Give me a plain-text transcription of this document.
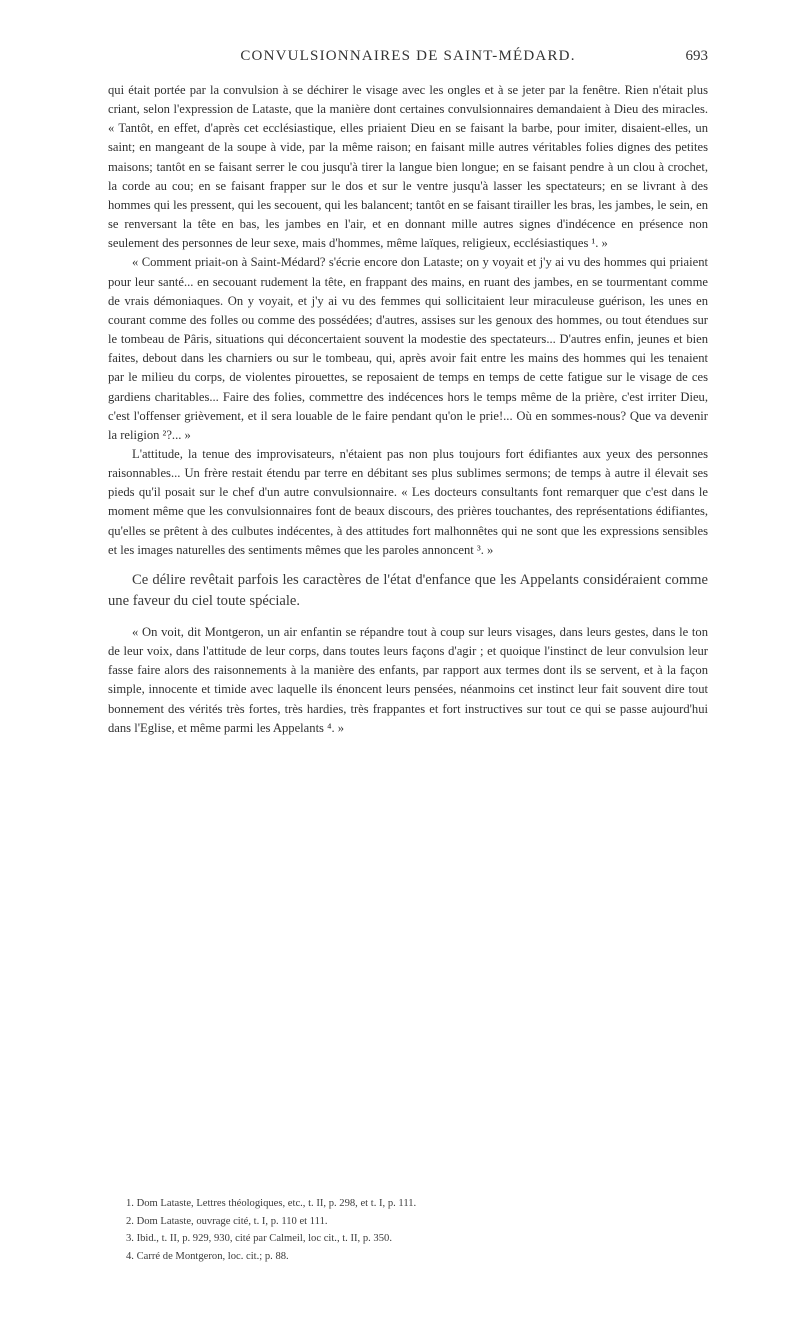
CONVULSIONNAIRES DE SAINT-MÉDARD.	693

qui était portée par la convulsion à se déchirer le visage avec les ongles et à se jeter par la fenêtre. Rien n'était plus criant, selon l'expression de Lataste, que la manière dont certaines convulsionnaires demandaient à Dieu des miracles. « Tantôt, en effet, d'après cet ecclésiastique, elles priaient Dieu en se faisant la barbe, pour imiter, disaient-elles, un saint; en mangeant de la soupe à vide, par la même raison; en faisant mille autres véritables folies dignes des petites maisons; tantôt en se faisant serrer le cou jusqu'à tirer la langue bien longue; en se faisant pendre à un clou à crochet, la corde au cou; en se faisant frapper sur le dos et sur le ventre jusqu'à lasser les spectateurs; en se livrant à des hommes qui les pressent, qui les secouent, qui les balancent; tantôt en se faisant tirailler les bras, les jambes, le sein, en se renversant la tête en bas, les jambes en l'air, et en donnant mille autres signes d'indécence en présence non seulement des personnes de leur sexe, mais d'hommes, même laïques, religieux, ecclésiastiques ¹. »

« Comment priait-on à Saint-Médard? s'écrie encore don Lataste; on y voyait et j'y ai vu des hommes qui priaient pour leur santé... en secouant rudement la tête, en frappant des mains, en ruant des jambes, en se tourmentant comme de vrais démoniaques. On y voyait, et j'y ai vu des femmes qui sollicitaient leur miraculeuse guérison, les unes en courant comme des folles ou comme des possédées; d'autres, assises sur les genoux des hommes, ou tout étendues sur le tombeau de Pâris, situations qui déconcertaient souvent la modestie des spectateurs... D'autres enfin, jeunes et bien faites, debout dans les charniers ou sur le tombeau, qui, après avoir fait entre les mains des hommes qui les tenaient par le milieu du corps, de violentes pirouettes, se reposaient de temps en temps de cette fatigue sur le visage de ces gardiens charitables... Faire des folies, commettre des indécences hors le temps même de la prière, c'est irriter Dieu, c'est l'offenser grièvement, et il sera louable de le faire pendant qu'on le prie!... Où en sommes-nous? Que va devenir la religion ²?... »

L'attitude, la tenue des improvisateurs, n'étaient pas non plus toujours fort édifiantes aux yeux des personnes raisonnables... Un frère restait étendu par terre en débitant ses plus sublimes sermons; de temps à autre il élevait ses pieds qu'il posait sur le chef d'un autre convulsionnaire. « Les docteurs consultants font remarquer que c'est dans le moment même que les convulsionnaires font de beaux discours, des prières touchantes, des représentations édifiantes, qu'elles se prêtent à des culbutes indécentes, à des attitudes fort malhonnêtes qui ne sont que les expressions sensibles et les images naturelles des sentiments mêmes que les paroles annoncent ³. »

Ce délire revêtait parfois les caractères de l'état d'enfance que les Appelants considéraient comme une faveur du ciel toute spéciale.

« On voit, dit Montgeron, un air enfantin se répandre tout à coup sur leurs visages, dans leurs gestes, dans le ton de leur voix, dans l'attitude de leur corps, dans toutes leurs façons d'agir ; et quoique l'instinct de leur convulsion leur fasse faire alors des raisonnements à la manière des enfants, par rapport aux termes dont ils se servent, et à la façon simple, innocente et timide avec laquelle ils énoncent leurs pensées, néanmoins cet instinct leur fait souvent dire tout bonnement des vérités très fortes, très hardies, très frappantes et fort instructives sur tout ce qui se passe aujourd'hui dans l'Eglise, et même parmi les Appelants ⁴. »

1. Dom Lataste, Lettres théologiques, etc., t. II, p. 298, et t. I, p. 111.

2. Dom Lataste, ouvrage cité, t. I, p. 110 et 111.

3. Ibid., t. II, p. 929, 930, cité par Calmeil, loc cit., t. II, p. 350.

4. Carré de Montgeron, loc. cit.; p. 88.
